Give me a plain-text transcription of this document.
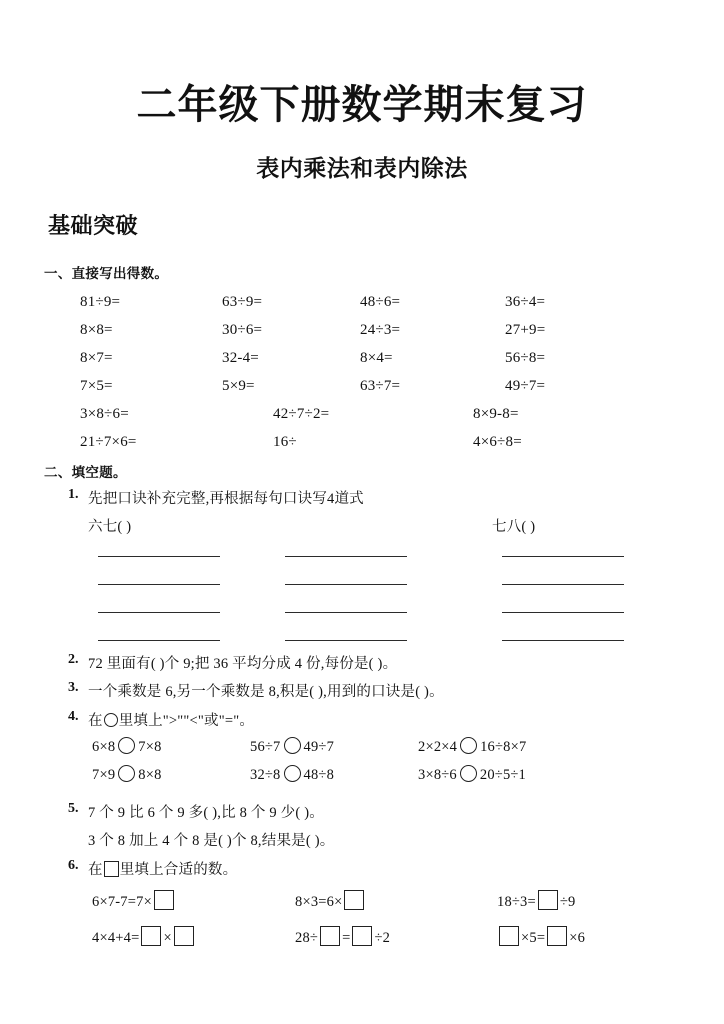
二年级下册数学期末复习
表内乘法和表内除法
基础突破
一、直接写出得数。
81÷9=	63÷9=	48÷6=	36÷4=
8×8=	30÷6=	24÷3=	27+9=
8×7=	32-4=	8×4=	56÷8=
7×5=	5×9=	63÷7=	49÷7=
3×8÷6=	42÷7÷2=	8×9-8=
21÷7×6=	16÷	4×6÷8=
二、填空题。
1. 先把口诀补充完整,再根据每句口诀写4道式
六七( )	七八( )
2. 72 里面有( )个 9;把 36 平均分成 4 份,每份是( )。
3. 一个乘数是 6,另一个乘数是 8,积是( ),用到的口诀是( )。
4. 在 里填上">""<"或"="。
6×8 7×8	56÷7 49÷7	2×2×4 16÷8×7
7×9 8×8	32÷8 48÷8	3×8÷6 20÷5÷1
5. 7 个 9 比 6 个 9 多( ),比 8 个 9 少( )。
3 个 8 加上 4 个 8 是( )个 8,结果是( )。
6. 在 里填上合适的数。
6×7-7=7×	8×3=6×	18÷3= ÷9
4×4+4= ×	28÷ = ÷2	×5= ×6
